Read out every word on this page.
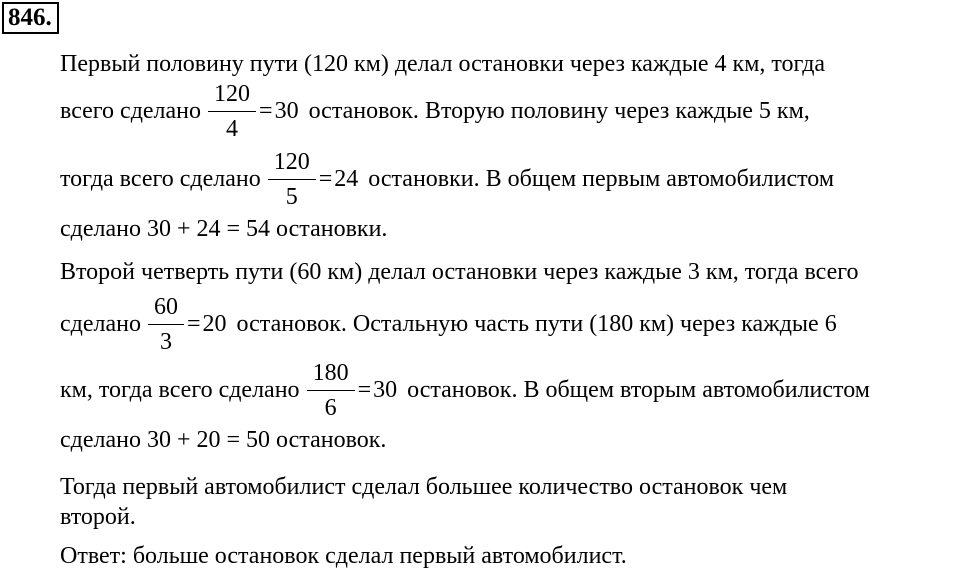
846.
Первый половину пути (120 км) делал остановки через каждые 4 км, тогда
всего сделано $\frac{120}{4} = 30$ остановок. Вторую половину через каждые 5 км,
тогда всего сделано $\frac{120}{5} = 24$ остановки. В общем первым автомобилистом
сделано 30 + 24 = 54 остановки.
Второй четверть пути (60 км) делал остановки через каждые 3 км, тогда всего
сделано $\frac{60}{3} = 20$ остановок. Остальную часть пути (180 км) через каждые 6
км, тогда всего сделано $\frac{180}{6} = 30$ остановок. В общем вторым автомобилистом
сделано 30 + 20 = 50 остановок.
Тогда первый автомобилист сделал большее количество остановок чем
второй.
Ответ: больше остановок сделал первый автомобилист.
